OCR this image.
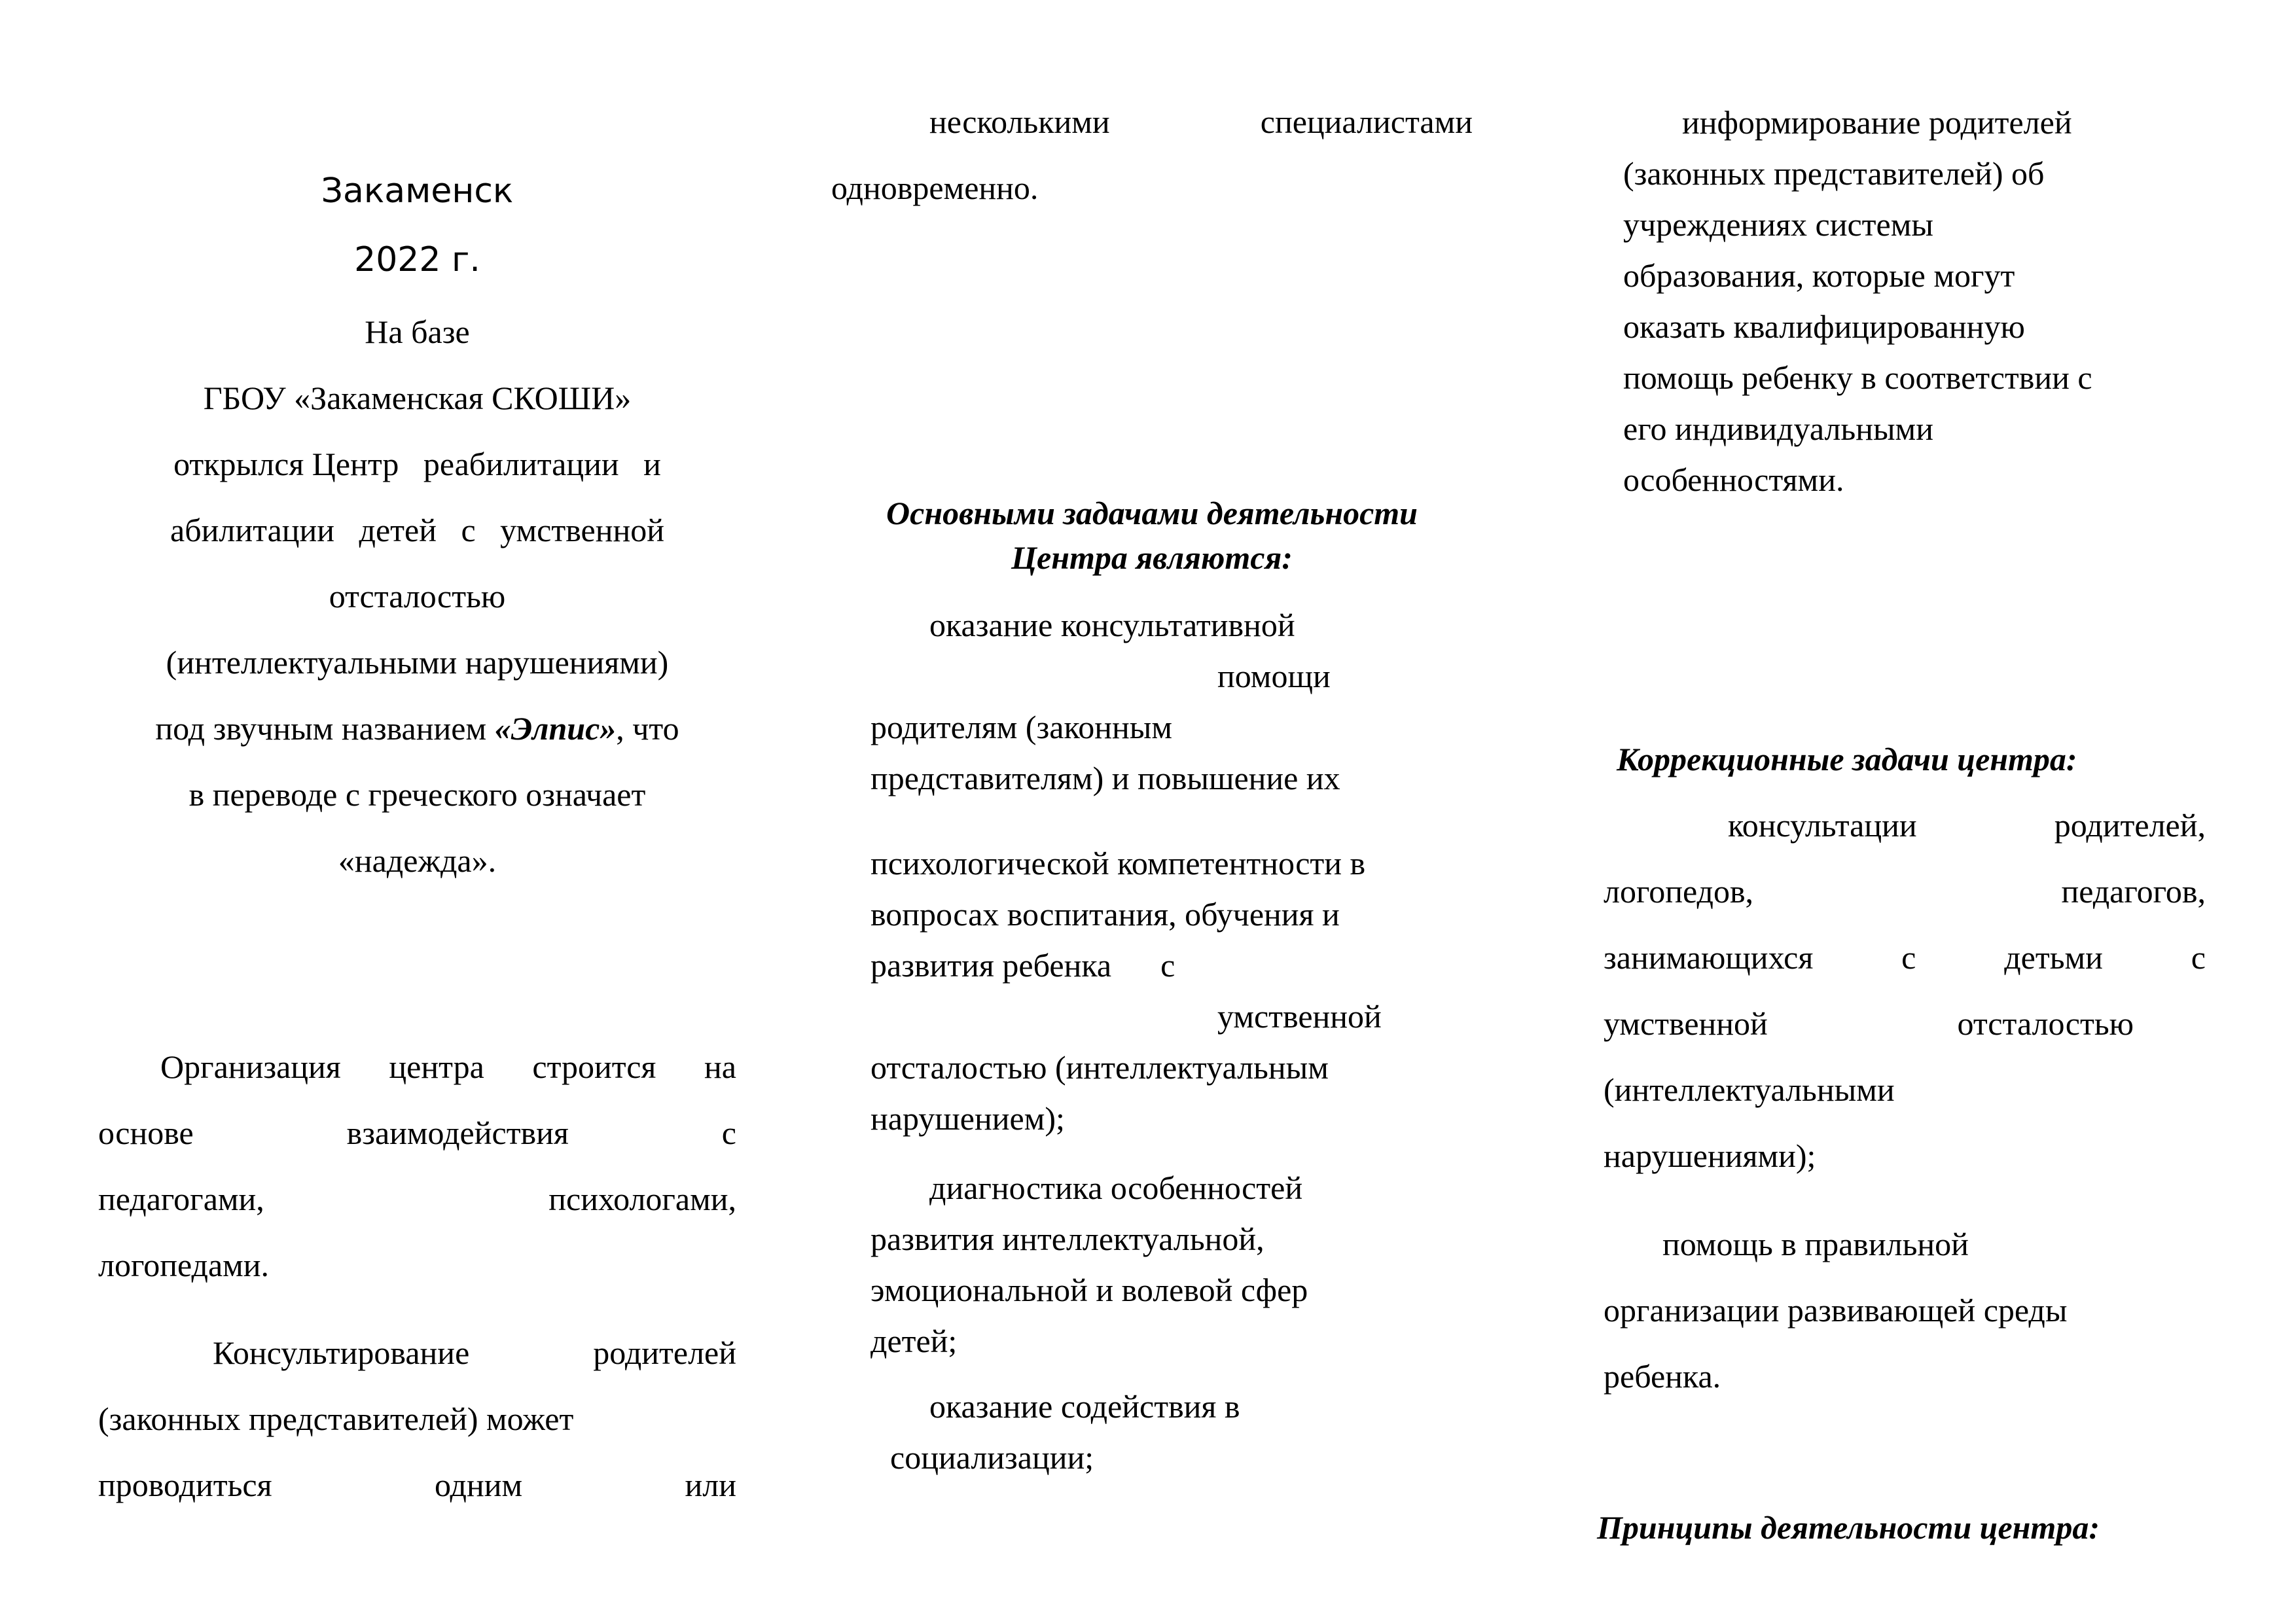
Закаменск
2022 г.
На базе
ГБОУ «Закаменская СКОШИ»
открылся Центр   реабилитации   и
абилитации   детей   с   умственной
отсталостью
(интеллектуальными нарушениями)
под звучным названием «Элпис», что
в переводе с греческого означает
«надежда».
Организация центра строится на
основе взаимодействия с
педагогами, психологами,
логопедами.
Консультирование родителей
(законных представителей) может
проводиться одним или
несколькими специалистами
одновременно.
Основными задачами деятельности Центра являются:
оказание консультативной
помощи
родителям (законным
представителям) и повышение их
психологической компетентности в
вопросах воспитания, обучения и
развития ребенка      с
умственной
отсталостью (интеллектуальным
нарушением);
диагностика особенностей
развития интеллектуальной,
эмоциональной и волевой сфер
детей;
оказание содействия в
социализации;
информирование родителей
(законных представителей) об
учреждениях системы
образования, которые могут
оказать квалифицированную
помощь ребенку в соответствии с
его индивидуальными
особенностями.
Коррекционные задачи центра:
консультации родителей,
логопедов, педагогов,
занимающихся с детьми с
умственной отсталостью
(интеллектуальными
нарушениями);
помощь в правильной
организации развивающей среды
ребенка.
Принципы деятельности центра:
